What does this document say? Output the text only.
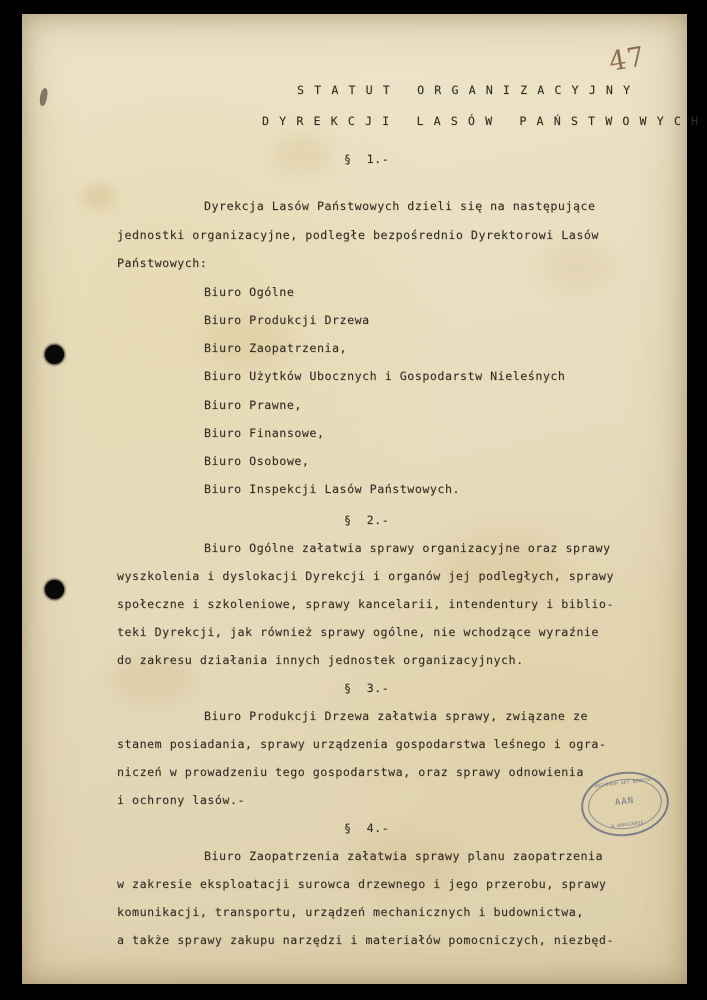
47
S T A T U T   O R G A N I Z A C Y J N Y
D Y R E K C J I   L A S Ó W   P A Ń S T W O W Y C H
§  1.-
Dyrekcja Lasów Państwowych dzieli się na następujące
jednostki organizacyjne, podległe bezpośrednio Dyrektorowi Lasów
Państwowych:
Biuro Ogólne
Biuro Produkcji Drzewa
Biuro Zaopatrzenia,
Biuro Użytków Ubocznych i Gospodarstw Nieleśnych
Biuro Prawne,
Biuro Finansowe,
Biuro Osobowe,
Biuro Inspekcji Lasów Państwowych.
§  2.-
Biuro Ogólne załatwia sprawy organizacyjne oraz sprawy
wyszkolenia i dyslokacji Dyrekcji i organów jej podległych, sprawy
społeczne i szkoleniowe, sprawy kancelarii, intendentury i biblio-
teki Dyrekcji, jak również sprawy ogólne, nie wchodzące wyraźnie
do zakresu działania innych jednostek organizacyjnych.
§  3.-
Biuro Produkcji Drzewa załatwia sprawy, związane ze
stanem posiadania, sprawy urządzenia gospodarstwa leśnego i ogra-
niczeń w prowadzeniu tego gospodarstwa, oraz sprawy odnowienia
i ochrony lasów.-
§  4.-
Biuro Zaopatrzenia załatwia sprawy planu zaopatrzenia
w zakresie eksploatacji surowca drzewnego i jego przerobu, sprawy
komunikacji, transportu, urządzeń mechanicznych i budownictwa,
a także sprawy zakupu narzędzi i materiałów pomocniczych, niezbęd-
ARCHIWUM AKT NOWYCH
AAN
W WARSZAWIE
